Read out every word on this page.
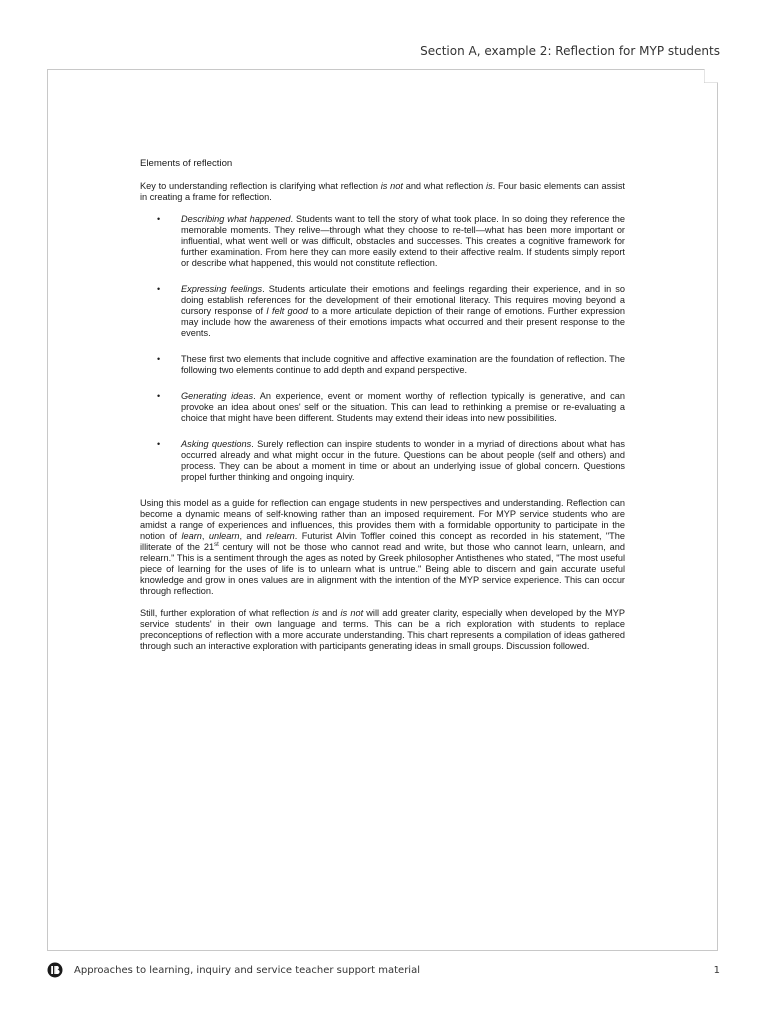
Section A, example 2: Reflection for MYP students
Elements of reflection

Key to understanding reflection is clarifying what reflection is not and what reflection is. Four basic elements can assist in creating a frame for reflection.

• Describing what happened. Students want to tell the story of what took place. In so doing they reference the memorable moments. They relive—through what they choose to re-tell—what has been more important or influential, what went well or was difficult, obstacles and successes. This creates a cognitive framework for further examination. From here they can more easily extend to their affective realm. If students simply report or describe what happened, this would not constitute reflection.
• Expressing feelings. Students articulate their emotions and feelings regarding their experience, and in so doing establish references for the development of their emotional literacy. This requires moving beyond a cursory response of I felt good to a more articulate depiction of their range of emotions. Further expression may include how the awareness of their emotions impacts what occurred and their present response to the events.
• These first two elements that include cognitive and affective examination are the foundation of reflection. The following two elements continue to add depth and expand perspective.
• Generating ideas. An experience, event or moment worthy of reflection typically is generative, and can provoke an idea about ones' self or the situation. This can lead to rethinking a premise or re-evaluating a choice that might have been different. Students may extend their ideas into new possibilities.
• Asking questions. Surely reflection can inspire students to wonder in a myriad of directions about what has occurred already and what might occur in the future. Questions can be about people (self and others) and process. They can be about a moment in time or about an underlying issue of global concern. Questions propel further thinking and ongoing inquiry.

Using this model as a guide for reflection can engage students in new perspectives and understanding. Reflection can become a dynamic means of self-knowing rather than an imposed requirement. For MYP service students who are amidst a range of experiences and influences, this provides them with a formidable opportunity to participate in the notion of learn, unlearn, and relearn. Futurist Alvin Toffler coined this concept as recorded in his statement, "The illiterate of the 21st century will not be those who cannot read and write, but those who cannot learn, unlearn, and relearn." This is a sentiment through the ages as noted by Greek philosopher Antisthenes who stated, "The most useful piece of learning for the uses of life is to unlearn what is untrue." Being able to discern and gain accurate useful knowledge and grow in ones values are in alignment with the intention of the MYP service experience. This can occur through reflection.

Still, further exploration of what reflection is and is not will add greater clarity, especially when developed by the MYP service students' in their own language and terms. This can be a rich exploration with students to replace preconceptions of reflection with a more accurate understanding. This chart represents a compilation of ideas gathered through such an interactive exploration with participants generating ideas in small groups. Discussion followed.

Approaches to learning, inquiry and service teacher support material	1
